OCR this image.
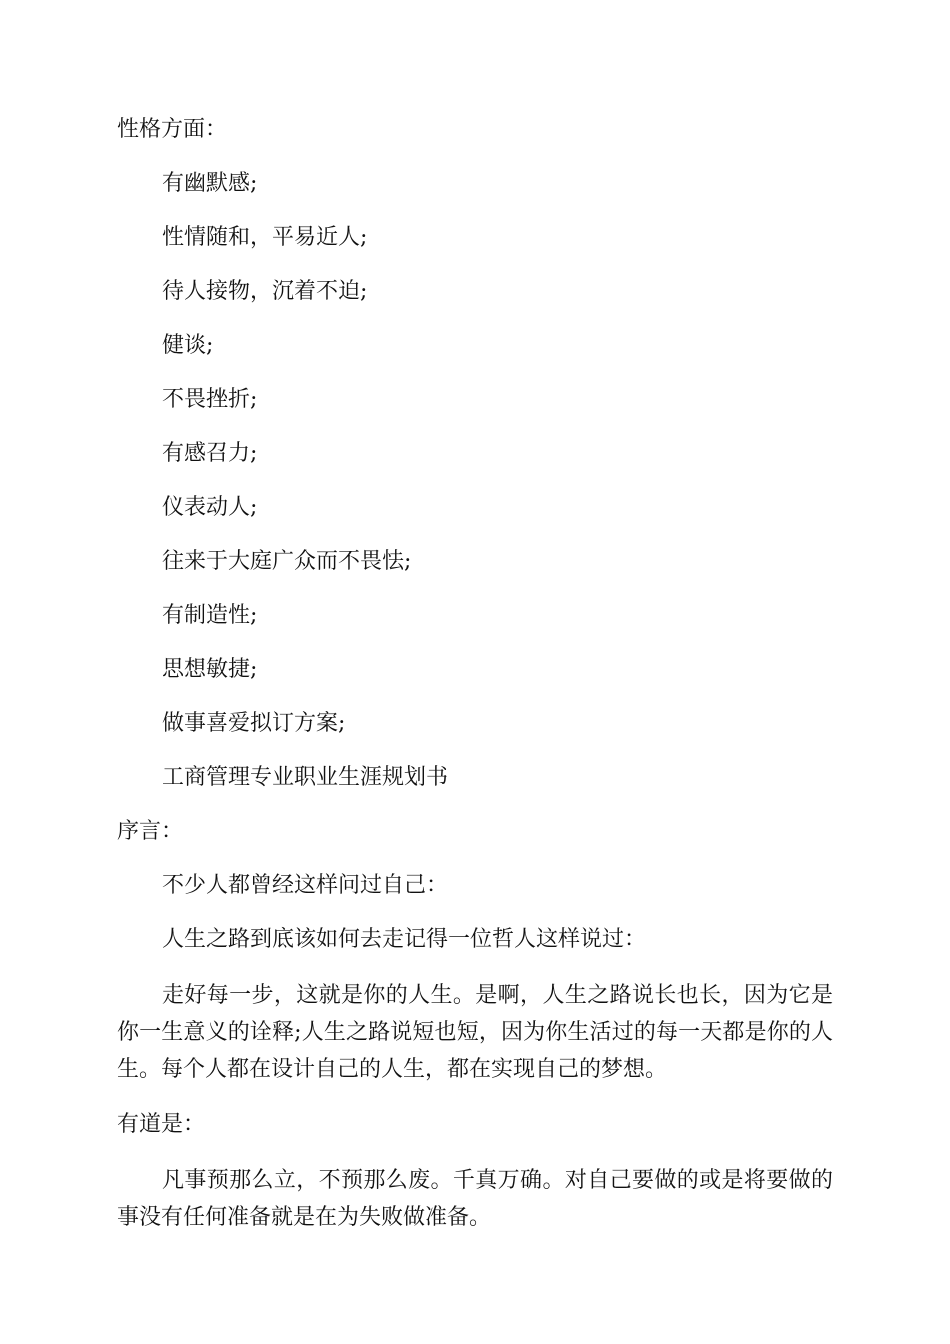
性格方面：

有幽默感;

性情随和，平易近人;

待人接物，沉着不迫;

健谈;

不畏挫折;

有感召力;

仪表动人;

往来于大庭广众而不畏怯;

有制造性;

思想敏捷;

做事喜爱拟订方案;

工商管理专业职业生涯规划书

序言：

不少人都曾经这样问过自己：

人生之路到底该如何去走记得一位哲人这样说过：

走好每一步，这就是你的人生。是啊，人生之路说长也长，因为它是你一生意义的诠释;人生之路说短也短，因为你生活过的每一天都是你的人生。每个人都在设计自己的人生，都在实现自己的梦想。

有道是：

凡事预那么立，不预那么废。千真万确。对自己要做的或是将要做的事没有任何准备就是在为失败做准备。
